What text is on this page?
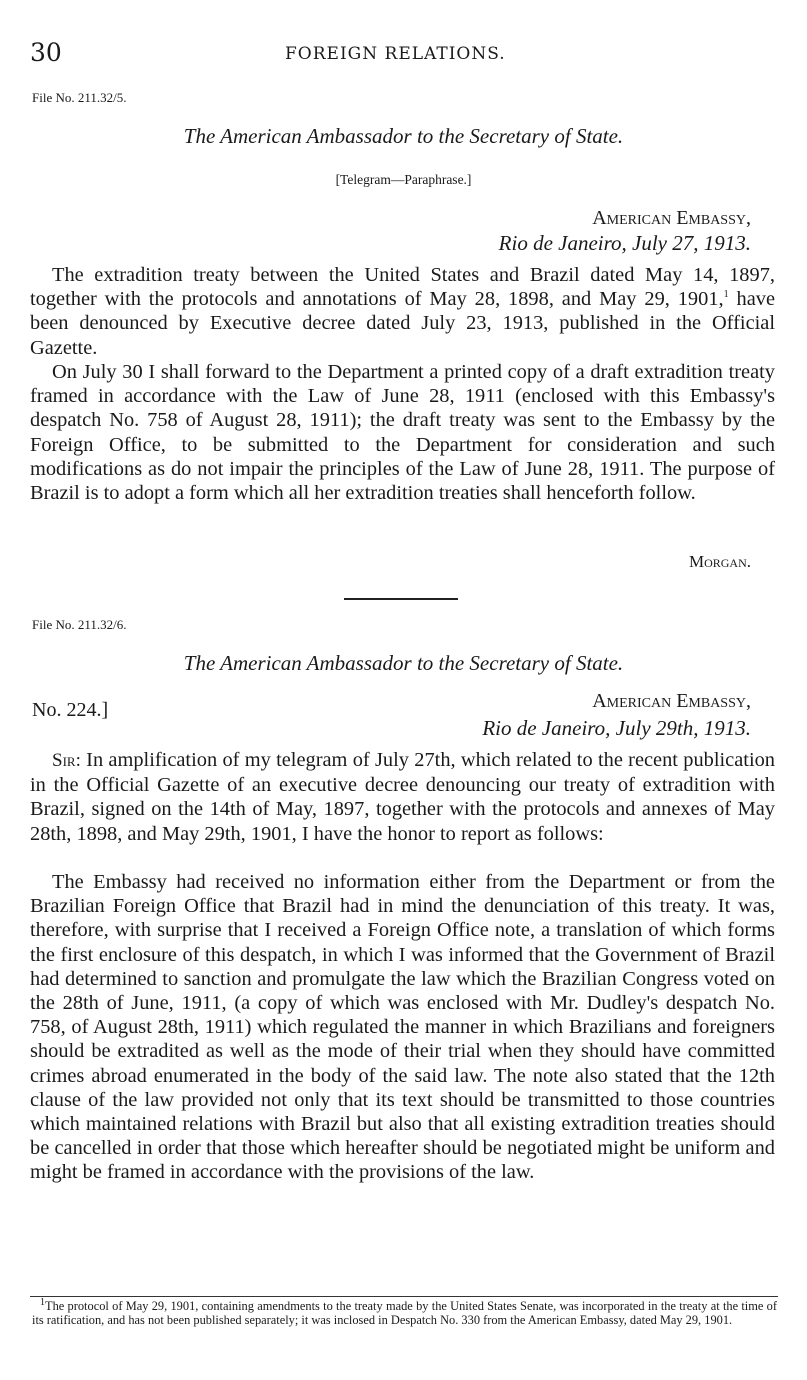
30	FOREIGN RELATIONS.
File No. 211.32/5.
The American Ambassador to the Secretary of State.
[Telegram—Paraphrase.]
American Embassy,
Rio de Janeiro, July 27, 1913.

The extradition treaty between the United States and Brazil dated May 14, 1897, together with the protocols and annotations of May 28, 1898, and May 29, 1901,$^1$ have been denounced by Executive decree dated July 23, 1913, published in the Official Gazette.

On July 30 I shall forward to the Department a printed copy of a draft extradition treaty framed in accordance with the Law of June 28, 1911 (enclosed with this Embassy's despatch No. 758 of August 28, 1911); the draft treaty was sent to the Embassy by the Foreign Office, to be submitted to the Department for consideration and such modifications as do not impair the principles of the Law of June 28, 1911. The purpose of Brazil is to adopt a form which all her extradition treaties shall henceforth follow.

Morgan.
File No. 211.32/6.
The American Ambassador to the Secretary of State.
No. 224.]	American Embassy,
Rio de Janeiro, July 29th, 1913.

Sir: In amplification of my telegram of July 27th, which related to the recent publication in the Official Gazette of an executive decree denouncing our treaty of extradition with Brazil, signed on the 14th of May, 1897, together with the protocols and annexes of May 28th, 1898, and May 29th, 1901, I have the honor to report as follows:

The Embassy had received no information either from the Department or from the Brazilian Foreign Office that Brazil had in mind the denunciation of this treaty. It was, therefore, with surprise that I received a Foreign Office note, a translation of which forms the first enclosure of this despatch, in which I was informed that the Government of Brazil had determined to sanction and promulgate the law which the Brazilian Congress voted on the 28th of June, 1911, (a copy of which was enclosed with Mr. Dudley's despatch No. 758, of August 28th, 1911) which regulated the manner in which Brazilians and foreigners should be extradited as well as the mode of their trial when they should have committed crimes abroad enumerated in the body of the said law. The note also stated that the 12th clause of the law provided not only that its text should be transmitted to those countries which maintained relations with Brazil but also that all existing extradition treaties should be cancelled in order that those which hereafter should be negotiated might be uniform and might be framed in accordance with the provisions of the law.

$^1$The protocol of May 29, 1901, containing amendments to the treaty made by the United States Senate, was incorporated in the treaty at the time of its ratification, and has not been published separately; it was inclosed in Despatch No. 330 from the American Embassy, dated May 29, 1901.
